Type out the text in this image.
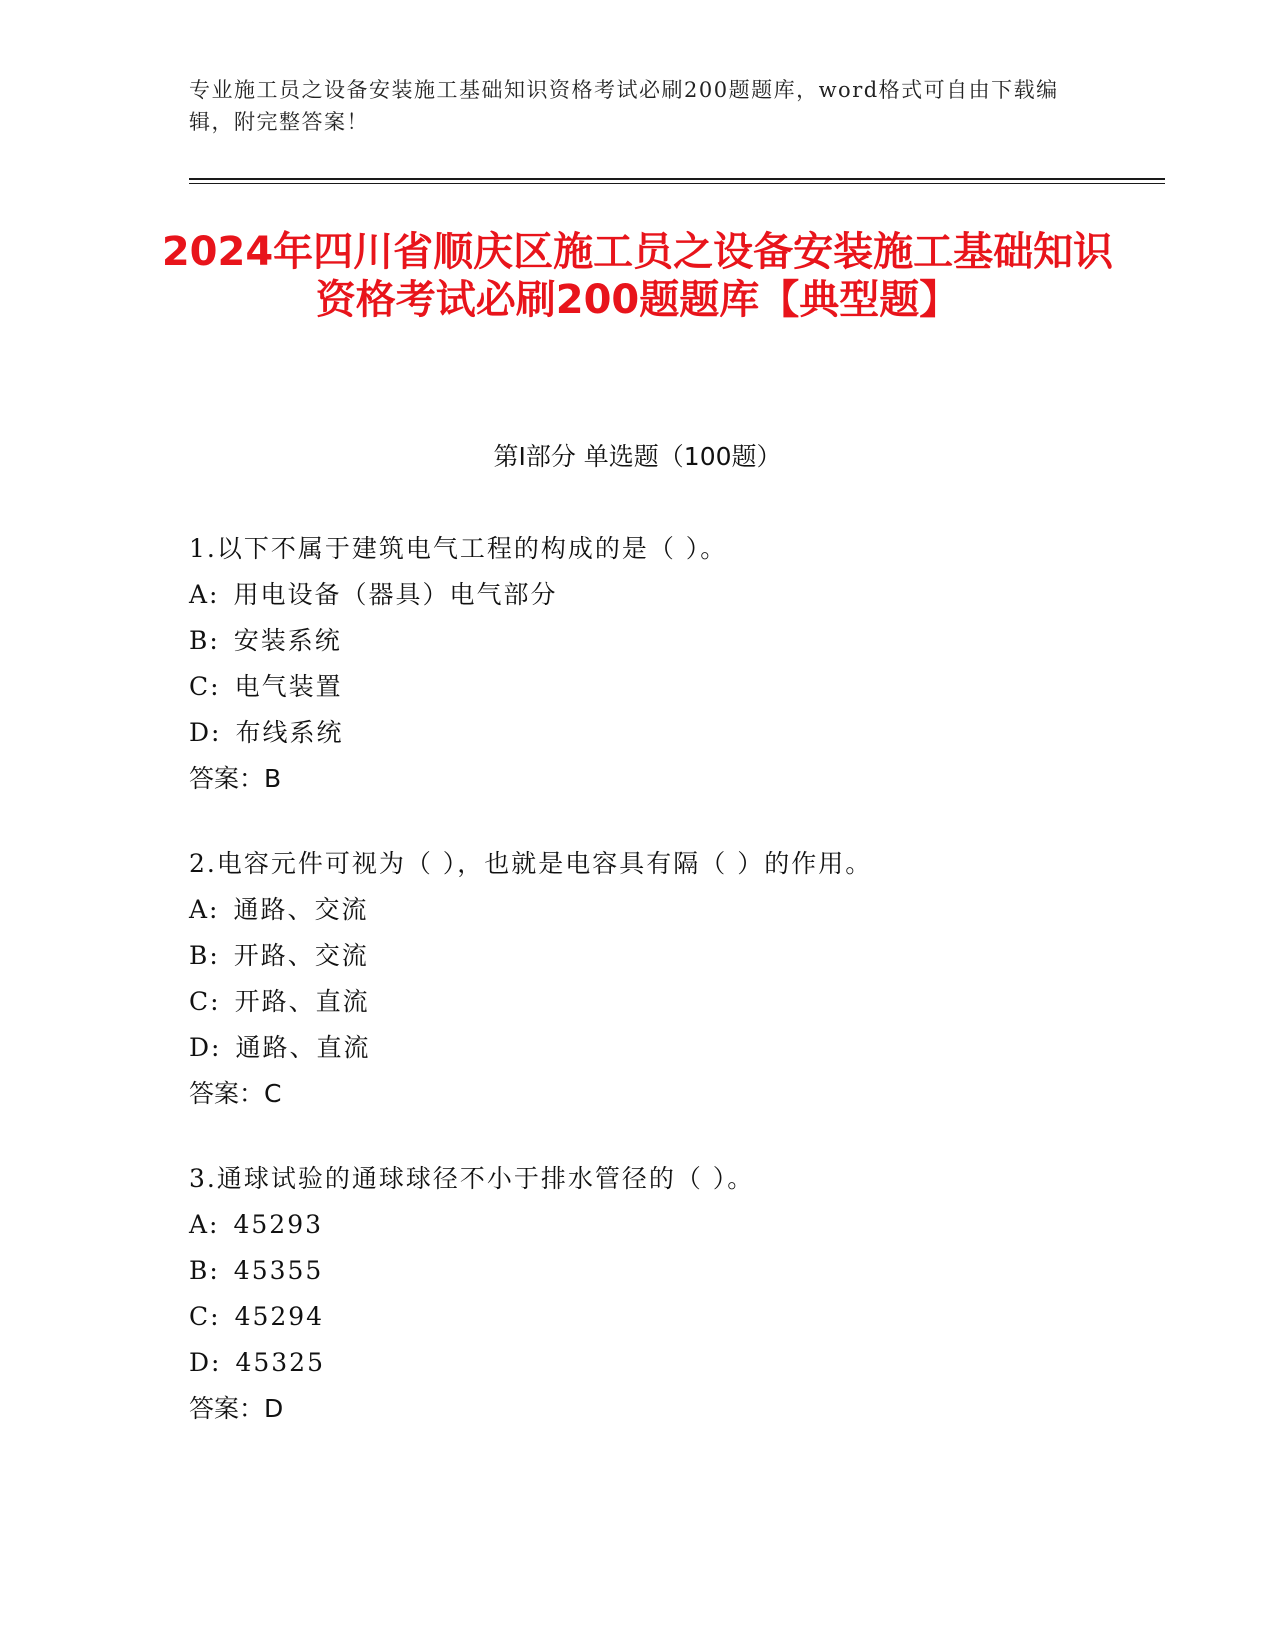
专业施工员之设备安装施工基础知识资格考试必刷200题题库，word格式可自由下载编辑，附完整答案！
2024年四川省顺庆区施工员之设备安装施工基础知识资格考试必刷200题题库【典型题】
第I部分 单选题（100题）
1.以下不属于建筑电气工程的构成的是（ ）。
A: 用电设备（器具）电气部分
B: 安装系统
C: 电气装置
D: 布线系统
答案：B
2.电容元件可视为（ ），也就是电容具有隔（ ）的作用。
A: 通路、交流
B: 开路、交流
C: 开路、直流
D: 通路、直流
答案：C
3.通球试验的通球球径不小于排水管径的（ ）。
A: 45293
B: 45355
C: 45294
D: 45325
答案：D
